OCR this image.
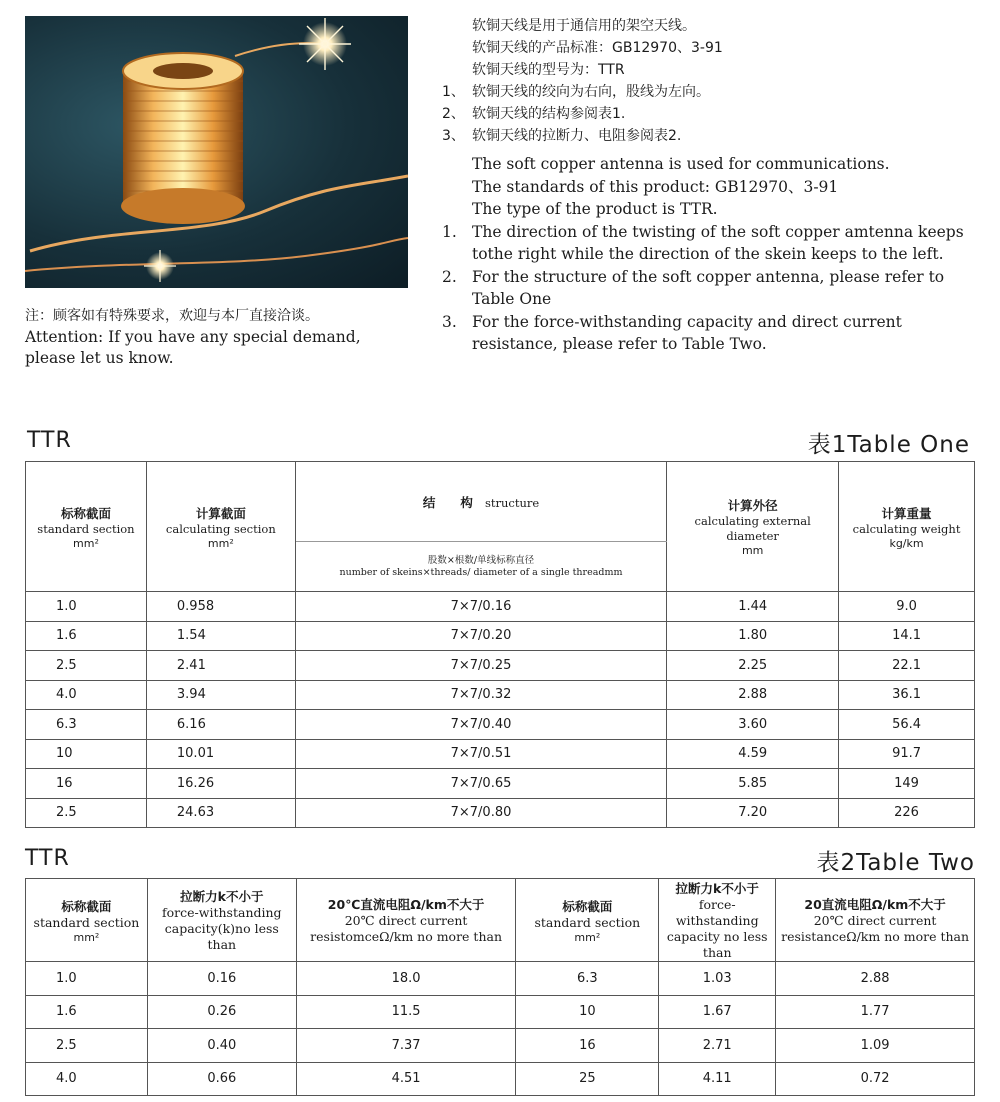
注：顾客如有特殊要求，欢迎与本厂直接洽谈。
Attention: If you have any special demand, please let us know.
软铜天线是用于通信用的架空天线。
软铜天线的产品标准：GB12970、3-91
软铜天线的型号为：TTR
1、 软铜天线的绞向为右向，股线为左向。
2、 软铜天线的结构参阅表1.
3、 软铜天线的拉断力、电阻参阅表2.
The soft copper antenna is used for communications.
The standards of this product: GB12970、3-91
The type of the product is TTR.
1. The direction of the twisting of the soft copper amtenna keeps tothe right while the direction of the skein keeps to the left.
2. For the structure of the soft copper antenna, please refer to Table One
3. For the force-withstanding capacity and direct current resistance, please refer to Table Two.
TTR	表1Table One
标称截面
standard section
mm²	计算截面
calculating section
mm²	结　　构 structure	计算外径
calculating external diameter
mm	计算重量
calculating weight
kg/km

		股数×根数/单线标称直径
number of skeins×threads/ diameter of a single threadmm		

1.0	0.958	7×7/0.16	1.44	9.0
1.6	1.54	7×7/0.20	1.80	14.1
2.5	2.41	7×7/0.25	2.25	22.1
4.0	3.94	7×7/0.32	2.88	36.1
6.3	6.16	7×7/0.40	3.60	56.4
10	10.01	7×7/0.51	4.59	91.7
16	16.26	7×7/0.65	5.85	149
2.5	24.63	7×7/0.80	7.20	226
TTR	表2Table Two
标称截面
standard section
mm²	拉断力k不小于
force-withstanding capacity(k)no less than	20℃直流电阻Ω/km不大于
20℃ direct current resistomceΩ/km no more than	标称截面
standard section
mm²	拉断力k不小于
force-withstanding capacity no less than	20直流电阻Ω/km不大于
20℃ direct current resistanceΩ/km no more than

1.0	0.16	18.0	6.3	1.03	2.88
1.6	0.26	11.5	10	1.67	1.77
2.5	0.40	7.37	16	2.71	1.09
4.0	0.66	4.51	25	4.11	0.72
